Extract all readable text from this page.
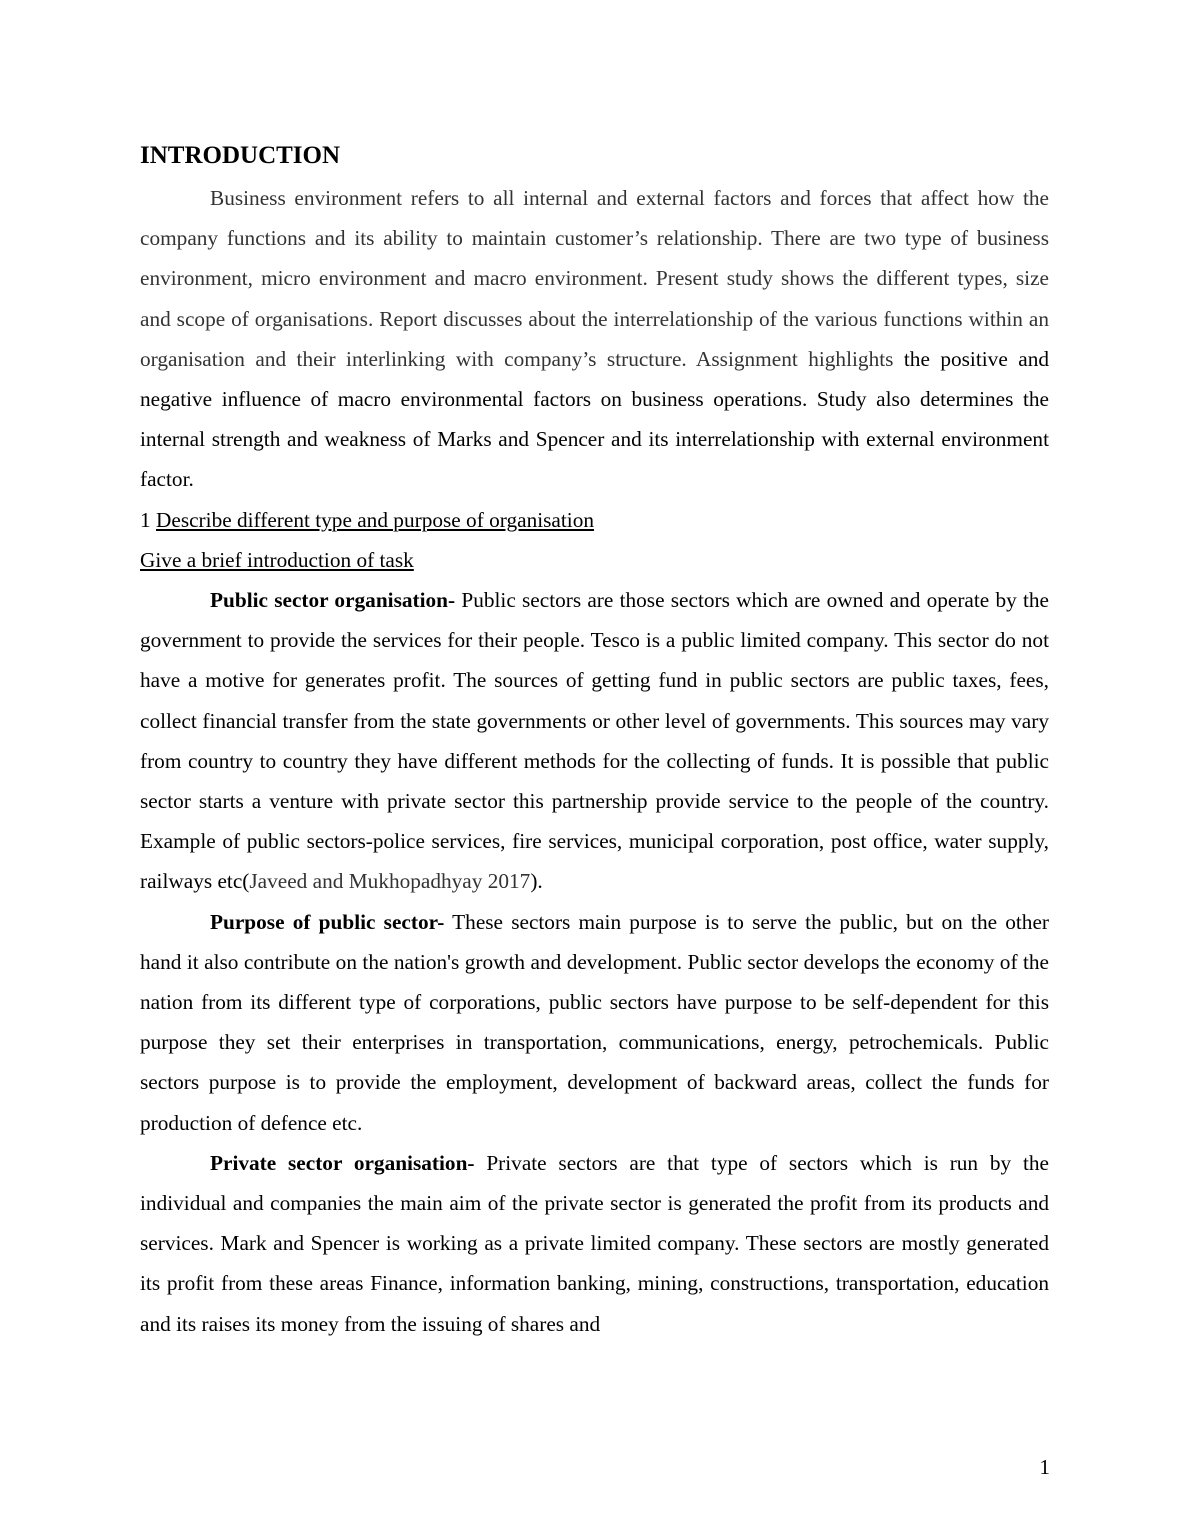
INTRODUCTION

Business environment refers to all internal and external factors and forces that affect how the company functions and its ability to maintain customer’s relationship. There are two type of business environment, micro environment and macro environment. Present study shows the different types, size and scope of organisations. Report discusses about the interrelationship of the various functions within an organisation and their interlinking with company’s structure. Assignment highlights the positive and negative influence of macro environmental factors on business operations. Study also determines the internal strength and weakness of Marks and Spencer and its interrelationship with external environment factor.

1 Describe different type and purpose of organisation

Give a brief introduction of task

Public sector organisation- Public sectors are those sectors which are owned and operate by the government to provide the services for their people. Tesco is a public limited company. This sector do not have a motive for generates profit. The sources of getting fund in public sectors are public taxes, fees, collect financial transfer from the state governments or other level of governments. This sources may vary from country to country they have different methods for the collecting of funds. It is possible that public sector starts a venture with private sector this partnership provide service to the people of the country. Example of public sectors-police services, fire services, municipal corporation, post office, water supply, railways etc(Javeed and Mukhopadhyay 2017).

Purpose of public sector- These sectors main purpose is to serve the public, but on the other hand it also contribute on the nation's growth and development. Public sector develops the economy of the nation from its different type of corporations, public sectors have purpose to be self-dependent for this purpose they set their enterprises in transportation, communications, energy, petrochemicals. Public sectors purpose is to provide the employment, development of backward areas, collect the funds for production of defence etc.

Private sector organisation- Private sectors are that type of sectors which is run by the individual and companies the main aim of the private sector is generated the profit from its products and services. Mark and Spencer is working as a private limited company. These sectors are mostly generated its profit from these areas Finance, information banking, mining, constructions, transportation, education and its raises its money from the issuing of shares and

1
